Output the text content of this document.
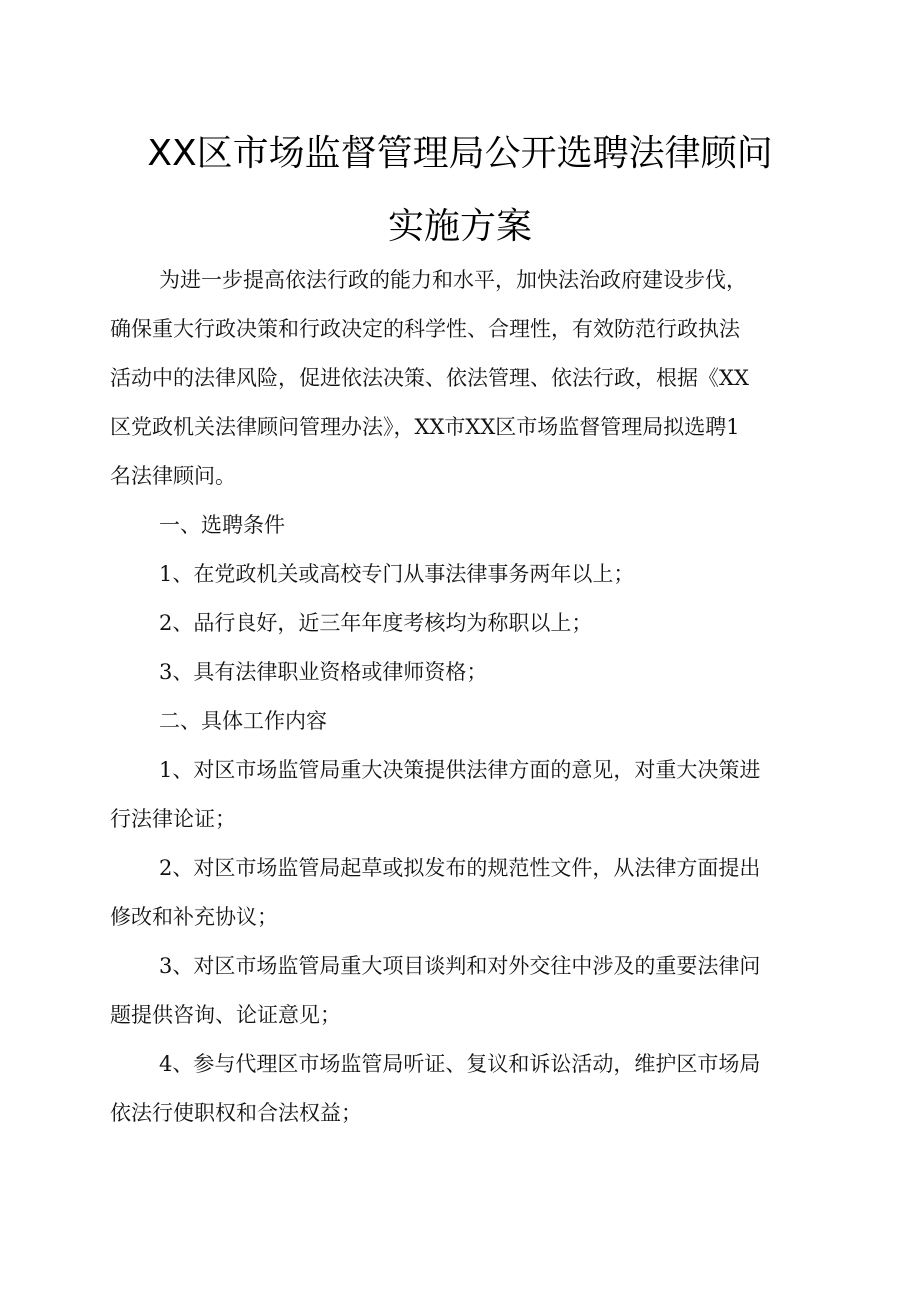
XX区市场监督管理局公开选聘法律顾问
实施方案
为进一步提高依法行政的能力和水平，加快法治政府建设步伐，
确保重大行政决策和行政决定的科学性、合理性，有效防范行政执法
活动中的法律风险，促进依法决策、依法管理、依法行政，根据《XX
区党政机关法律顾问管理办法》，XX市XX区市场监督管理局拟选聘1
名法律顾问。
一、选聘条件
1、在党政机关或高校专门从事法律事务两年以上；
2、品行良好，近三年年度考核均为称职以上；
3、具有法律职业资格或律师资格；
二、具体工作内容
1、对区市场监管局重大决策提供法律方面的意见，对重大决策进
行法律论证；
2、对区市场监管局起草或拟发布的规范性文件，从法律方面提出
修改和补充协议；
3、对区市场监管局重大项目谈判和对外交往中涉及的重要法律问
题提供咨询、论证意见；
4、参与代理区市场监管局听证、复议和诉讼活动，维护区市场局
依法行使职权和合法权益；
